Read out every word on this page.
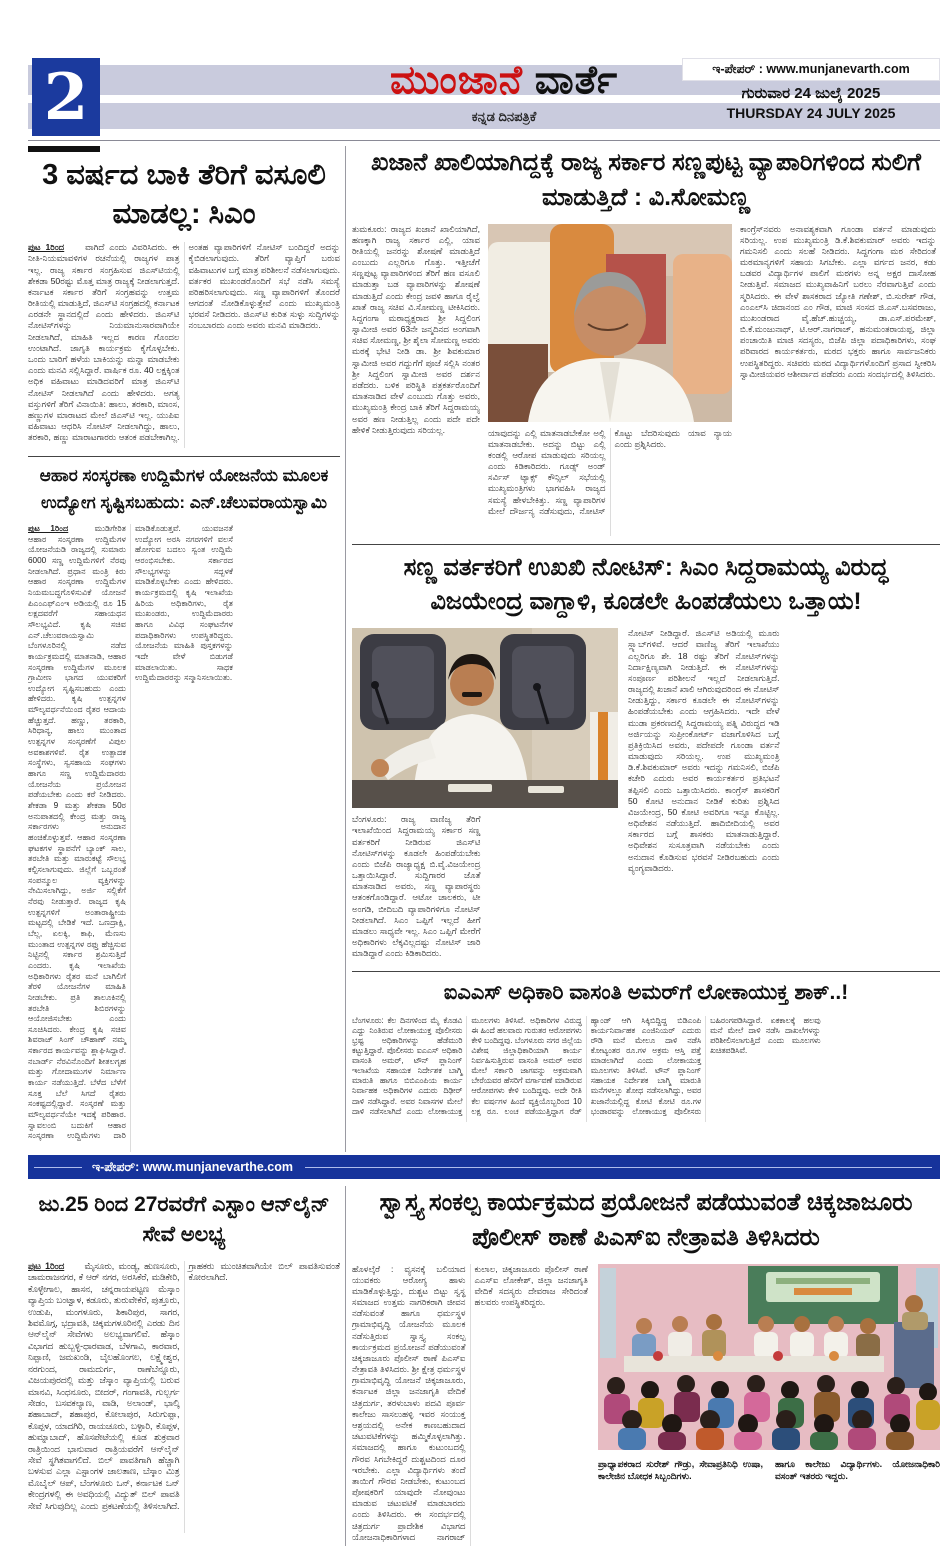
2	ಮುಂಜಾನೆ ವಾರ್ತೆ
ಕನ್ನಡ ದಿನಪತ್ರಿಕೆ
ಇ-ಪೇಪರ್ : www.munjanevarth.com
ಗುರುವಾರ 24 ಜುಲೈ 2025
THURSDAY 24 JULY 2025
3 ವರ್ಷದ ಬಾಕಿ ತೆರಿಗೆ ವಸೂಲಿ ಮಾಡಲ್ಲ: ಸಿಎಂ
ಪುಟ 1ರಿಂದ ವಾಗಿದೆ ಎಂದು ವಿವರಿಸಿದರು. ಈ ನೀತಿ-ನಿಯಮಾವಳಿಗಳ ರಚನೆಯಲ್ಲಿ ರಾಜ್ಯಗಳ ಪಾತ್ರ ಇಲ್ಲ. ರಾಜ್ಯ ಸರ್ಕಾರ ಸಂಗ್ರಹಿಸುವ ಜಿಎಸ್‌ಟಿಯಲ್ಲಿ ಶೇಕಡಾ 50ರಷ್ಟು ಮೊತ್ತ ಮಾತ್ರ ರಾಜ್ಯಕ್ಕೆ ನೀಡಲಾಗುತ್ತದೆ. ಕರ್ನಾಟಕ ಸರ್ಕಾರ ತೆರಿಗೆ ಸಂಗ್ರಹವನ್ನು ಉತ್ತಮ ರೀತಿಯಲ್ಲಿ ಮಾಡುತ್ತಿದೆ, ಜಿಎಸ್‌ಟಿ ಸಂಗ್ರಹದಲ್ಲಿ ಕರ್ನಾಟಕ ಎರಡನೇ ಸ್ಥಾನದಲ್ಲಿದೆ ಎಂದು ಹೇಳಿದರು. ಜಿಎಸ್‌ಟಿ ನೋಟಿಸ್‌ಗಳನ್ನು ನಿಯಮಾನುಸಾರವಾಗಿಯೇ ನೀಡಲಾಗಿದೆ, ಮಾಹಿತಿ ಇಲ್ಲದ ಕಾರಣ ಗೊಂದಲ ಉಂಟಾಗಿದೆ. ಜಾಗೃತಿ ಕಾರ್ಯಕ್ರಮ ಕೈಗೊಳ್ಳಬೇಕು. ಒಂದು ಬಾರಿಗೆ ಹಳೆಯ ಬಾಕಿಯನ್ನು ಮನ್ನಾ ಮಾಡಬೇಕು ಎಂದು ಮನವಿ ಸಲ್ಲಿಸಿದ್ದಾರೆ. ವಾರ್ಷಿಕ ರೂ. 40 ಲಕ್ಷಕ್ಕಿಂತ ಅಧಿಕ ವಹಿವಾಟು ಮಾಡಿದವರಿಗೆ ಮಾತ್ರ ಜಿಎಸ್‌ಟಿ ನೋಟಿಸ್ ನೀಡಲಾಗಿದೆ ಎಂದು ಹೇಳಿದರು. ಅಗತ್ಯ ವಸ್ತುಗಳಿಗೆ ತೆರಿಗೆ ವಿನಾಯಿತಿ: ಹಾಲು, ತರಕಾರಿ, ಮಾಂಸ, ಹಣ್ಣುಗಳ ಮಾರಾಟದ ಮೇಲೆ ಜಿಎಸ್‌ಟಿ ಇಲ್ಲ. ಯುಪಿಐ ವಹಿವಾಟು ಆಧರಿಸಿ ನೋಟಿಸ್ ನೀಡಲಾಗಿದ್ದು, ಹಾಲು, ತರಕಾರಿ, ಹಣ್ಣು ಮಾರಾಟಗಾರರು ಆತಂಕ ಪಡಬೇಕಾಗಿಲ್ಲ. ಅಂತಹ ವ್ಯಾಪಾರಿಗಳಿಗೆ ನೋಟಿಸ್ ಬಂದಿದ್ದರೆ ಅದನ್ನು ಕೈಬಿಡಲಾಗುವುದು. ತೆರಿಗೆ ವ್ಯಾಪ್ತಿಗೆ ಬರುವ ವಹಿವಾಟುಗಳ ಬಗ್ಗೆ ಮಾತ್ರ ಪರಿಶೀಲನೆ ನಡೆಸಲಾಗುವುದು. ವರ್ತಕರ ಮುಖಂಡರೊಂದಿಗೆ ಸಭೆ ನಡೆಸಿ ಸಮಸ್ಯೆ ಪರಿಹರಿಸಲಾಗುವುದು. ಸಣ್ಣ ವ್ಯಾಪಾರಿಗಳಿಗೆ ತೊಂದರೆ ಆಗದಂತೆ ನೋಡಿಕೊಳ್ಳುತ್ತೇವೆ ಎಂದು ಮುಖ್ಯಮಂತ್ರಿ ಭರವಸೆ ನೀಡಿದರು. ಜಿಎಸ್‌ಟಿ ಕುರಿತ ಸುಳ್ಳು ಸುದ್ದಿಗಳನ್ನು ನಂಬಬಾರದು ಎಂದು ಅವರು ಮನವಿ ಮಾಡಿದರು.
ಆಹಾರ ಸಂಸ್ಕರಣಾ ಉದ್ದಿಮೆಗಳ ಯೋಜನೆಯ ಮೂಲಕ ಉದ್ಯೋಗ ಸೃಷ್ಟಿಸಬಹುದು: ಎನ್.ಚೆಲುವರಾಯಸ್ವಾಮಿ
ಪುಟ 1ರಿಂದ	ಮುಡಿಗೇರಿತ ಆಹಾರ ಸಂಸ್ಕರಣಾ ಉದ್ದಿಮೆಗಳ ಯೋಜನೆಯಡಿ ರಾಜ್ಯದಲ್ಲಿ ಸುಮಾರು 6000 ಸಣ್ಣ ಉದ್ದಿಮೆಗಳಿಗೆ ನೆರವು ನೀಡಲಾಗಿದೆ. ಪ್ರಧಾನ ಮಂತ್ರಿ ಕಿರು ಆಹಾರ ಸಂಸ್ಕರಣಾ ಉದ್ದಿಮೆಗಳ ನಿಯಮಬದ್ಧಗೊಳಿಸುವಿಕೆ ಯೋಜನೆ ಪಿಎಂಎಫ್‌ಎಂಇ ಅಡಿಯಲ್ಲಿ ರೂ 15 ಲಕ್ಷದವರೆಗೆ ಸಹಾಯಧನ ಸೌಲಭ್ಯವಿದೆ. ಕೃಷಿ ಸಚಿವ ಎನ್.ಚೆಲುವರಾಯಸ್ವಾಮಿ ಬೆಂಗಳೂರಿನಲ್ಲಿ ನಡೆದ ಕಾರ್ಯಕ್ರಮದಲ್ಲಿ ಮಾತನಾಡಿ, ಆಹಾರ ಸಂಸ್ಕರಣಾ ಉದ್ದಿಮೆಗಳ ಮೂಲಕ ಗ್ರಾಮೀಣ ಭಾಗದ ಯುವಕರಿಗೆ ಉದ್ಯೋಗ ಸೃಷ್ಟಿಸಬಹುದು ಎಂದು ಹೇಳಿದರು. ಕೃಷಿ ಉತ್ಪನ್ನಗಳ ಮೌಲ್ಯವರ್ಧನೆಯಿಂದ ರೈತರ ಆದಾಯ ಹೆಚ್ಚುತ್ತದೆ. ಹಣ್ಣು, ತರಕಾರಿ, ಸಿರಿಧಾನ್ಯ, ಹಾಲು ಮುಂತಾದ ಉತ್ಪನ್ನಗಳ ಸಂಸ್ಕರಣೆಗೆ ವಿಪುಲ ಅವಕಾಶಗಳಿವೆ. ರೈತ ಉತ್ಪಾದಕ ಸಂಸ್ಥೆಗಳು, ಸ್ವಸಹಾಯ ಸಂಘಗಳು ಹಾಗೂ ಸಣ್ಣ ಉದ್ದಿಮೆದಾರರು ಯೋಜನೆಯ ಪ್ರಯೋಜನ ಪಡೆಯಬೇಕು ಎಂದು ಕರೆ ನೀಡಿದರು. ಶೇಕಡಾ 9 ಮತ್ತು ಶೇಕಡಾ 50ರ ಅನುಪಾತದಲ್ಲಿ ಕೇಂದ್ರ ಮತ್ತು ರಾಜ್ಯ ಸರ್ಕಾರಗಳು ಅನುದಾನ ಹಂಚಿಕೊಳ್ಳುತ್ತವೆ. ಆಹಾರ ಸಂಸ್ಕರಣಾ ಘಟಕಗಳ ಸ್ಥಾಪನೆಗೆ ಬ್ಯಾಂಕ್ ಸಾಲ, ತರಬೇತಿ ಮತ್ತು ಮಾರುಕಟ್ಟೆ ಸೌಲಭ್ಯ ಕಲ್ಪಿಸಲಾಗುವುದು. ಜಿಲ್ಲೆಗೆ ಒಬ್ಬರಂತೆ ಸಂಪನ್ಮೂಲ ವ್ಯಕ್ತಿಗಳನ್ನು ನೇಮಿಸಲಾಗಿದ್ದು, ಅರ್ಜಿ ಸಲ್ಲಿಕೆಗೆ ನೆರವು ನೀಡುತ್ತಾರೆ. ರಾಜ್ಯದ ಕೃಷಿ ಉತ್ಪನ್ನಗಳಿಗೆ ಅಂತಾರಾಷ್ಟ್ರೀಯ ಮಟ್ಟದಲ್ಲಿ ಬೇಡಿಕೆ ಇದೆ. ಒಣದ್ರಾಕ್ಷಿ, ಬೆಲ್ಲ, ಏಲಕ್ಕಿ, ಕಾಫಿ, ಮೆಣಸು ಮುಂತಾದ ಉತ್ಪನ್ನಗಳ ರಫ್ತು ಹೆಚ್ಚಿಸುವ ನಿಟ್ಟಿನಲ್ಲಿ ಸರ್ಕಾರ ಶ್ರಮಿಸುತ್ತಿದೆ ಎಂದರು. ಕೃಷಿ ಇಲಾಖೆಯ ಅಧಿಕಾರಿಗಳು ರೈತರ ಮನೆ ಬಾಗಿಲಿಗೆ ತೆರಳಿ ಯೋಜನೆಗಳ ಮಾಹಿತಿ ನೀಡಬೇಕು. ಪ್ರತಿ ತಾಲೂಕಿನಲ್ಲಿ ತರಬೇತಿ ಶಿಬಿರಗಳನ್ನು ಆಯೋಜಿಸಬೇಕು ಎಂದು ಸೂಚಿಸಿದರು. ಕೇಂದ್ರ ಕೃಷಿ ಸಚಿವ ಶಿವರಾಜ್ ಸಿಂಗ್ ಚೌಹಾಣ್ ನಮ್ಮ ಸರ್ಕಾರದ ಕಾರ್ಯವನ್ನು ಶ್ಲಾಘಿಸಿದ್ದಾರೆ. ನಬಾರ್ಡ್ ನೆರವಿನೊಂದಿಗೆ ಶೀತಲಗೃಹ ಮತ್ತು ಗೋದಾಮುಗಳ ನಿರ್ಮಾಣ ಕಾರ್ಯ ನಡೆಯುತ್ತಿದೆ. ಬೆಳೆದ ಬೆಳೆಗೆ ಸೂಕ್ತ ಬೆಲೆ ಸಿಗದೆ ರೈತರು ಸಂಕಷ್ಟದಲ್ಲಿದ್ದಾರೆ. ಸಂಸ್ಕರಣೆ ಮತ್ತು ಮೌಲ್ಯವರ್ಧನೆಯೇ ಇದಕ್ಕೆ ಪರಿಹಾರ. ಸ್ವಾವಲಂಬಿ ಬದುಕಿಗೆ ಆಹಾರ ಸಂಸ್ಕರಣಾ ಉದ್ದಿಮೆಗಳು ದಾರಿ ಮಾಡಿಕೊಡುತ್ತವೆ. ಯುವಜನತೆ ಉದ್ಯೋಗ ಅರಸಿ ನಗರಗಳಿಗೆ ವಲಸೆ ಹೋಗುವ ಬದಲು ಸ್ವಂತ ಉದ್ದಿಮೆ ಆರಂಭಿಸಬೇಕು. ಸರ್ಕಾರದ ಸೌಲಭ್ಯಗಳನ್ನು ಸದ್ಬಳಕೆ ಮಾಡಿಕೊಳ್ಳಬೇಕು ಎಂದು ಹೇಳಿದರು. ಕಾರ್ಯಕ್ರಮದಲ್ಲಿ ಕೃಷಿ ಇಲಾಖೆಯ ಹಿರಿಯ ಅಧಿಕಾರಿಗಳು, ರೈತ ಮುಖಂಡರು, ಉದ್ದಿಮೆದಾರರು ಹಾಗೂ ವಿವಿಧ ಸಂಘಟನೆಗಳ ಪದಾಧಿಕಾರಿಗಳು ಉಪಸ್ಥಿತರಿದ್ದರು. ಯೋಜನೆಯ ಮಾಹಿತಿ ಪುಸ್ತಕಗಳನ್ನು ಇದೇ ವೇಳೆ ಬಿಡುಗಡೆ ಮಾಡಲಾಯಿತು. ಸಾಧಕ ಉದ್ದಿಮೆದಾರರನ್ನು ಸನ್ಮಾನಿಸಲಾಯಿತು.
ಖಜಾನೆ ಖಾಲಿಯಾಗಿದ್ದಕ್ಕೆ ರಾಜ್ಯ ಸರ್ಕಾರ ಸಣ್ಣಪುಟ್ಟ ವ್ಯಾಪಾರಿಗಳಿಂದ ಸುಲಿಗೆ ಮಾಡುತ್ತಿದೆ : ವಿ.ಸೋಮಣ್ಣ
ತುಮಕೂರು: ರಾಜ್ಯದ ಖಜಾನೆ ಖಾಲಿಯಾಗಿದೆ, ಹಣಕ್ಕಾಗಿ ರಾಜ್ಯ ಸರ್ಕಾರ ಎಲ್ಲಿ, ಯಾವ ರೀತಿಯಲ್ಲಿ ಜನರನ್ನು ಶೋಷಣೆ ಮಾಡುತ್ತಿದೆ ಎಂಬುದು ಎಲ್ಲರಿಗೂ ಗೊತ್ತು. ಇತ್ತೀಚೆಗೆ ಸಣ್ಣಪುಟ್ಟ ವ್ಯಾಪಾರಿಗಳಿಂದ ತೆರಿಗೆ ಹಣ ವಸೂಲಿ ಮಾಡುತ್ತಾ ಬಡ ವ್ಯಾಪಾರಿಗಳನ್ನು ಶೋಷಣೆ ಮಾಡುತ್ತಿದೆ ಎಂದು ಕೇಂದ್ರ ಜವಳಿ ಹಾಗೂ ರೈಲ್ವೆ ಖಾತೆ ರಾಜ್ಯ ಸಚಿವ ವಿ.ಸೋಮಣ್ಣ ಟೀಕಿಸಿದರು. ಸಿದ್ದಗಂಗಾ ಮಠಾಧ್ಯಕ್ಷರಾದ ಶ್ರೀ ಸಿದ್ದಲಿಂಗ ಸ್ವಾಮೀಜಿ ಅವರ 63ನೇ ಜನ್ಮದಿನದ ಅಂಗವಾಗಿ ಸಚಿವ ಸೋಮಣ್ಣ, ಶ್ರೀ ಶೈಲಾ ಸೋಮಣ್ಣ ಅವರು ಮಠಕ್ಕೆ ಭೇಟಿ ನೀಡಿ ಡಾ. ಶ್ರೀ ಶಿವಕುಮಾರ ಸ್ವಾಮೀಜಿ ಅವರ ಗದ್ದುಗೆಗೆ ಪೂಜೆ ಸಲ್ಲಿಸಿ ನಂತರ ಶ್ರೀ ಸಿದ್ದಲಿಂಗ ಸ್ವಾಮೀಜಿ ಅವರ ದರ್ಶನ ಪಡೆದರು. ಬಳಿಕ ಪರಿಸ್ಥಿತಿ ಪತ್ರಕರ್ತರೊಂದಿಗೆ ಮಾತನಾಡಿದ ವೇಳೆ ಎಂಬುದು ಗೊತ್ತು ಅವರು, ಮುಖ್ಯಮಂತ್ರಿ ಕೇಂದ್ರ ಬಾಕಿ ತೆರಿಗೆ ಸಿದ್ದರಾಮಯ್ಯ ಅವರ ಹಣ ನೀಡುತ್ತಿಲ್ಲ ಎಂದು ಪದೇ ಪದೇ ಹೇಳಿಕೆ ನೀಡುತ್ತಿರುವುದು ಸರಿಯಲ್ಲ.	ಯಾವುದನ್ನು ಎಲ್ಲಿ ಮಾತನಾಡಬೇಕೋ ಅಲ್ಲಿ ಮಾತನಾಡಬೇಕು. ಅದನ್ನು ಬಿಟ್ಟು ಎಲ್ಲಿ ಕಂಡಲ್ಲಿ ಆರೋಪ ಮಾಡುವುದು ಸರಿಯಲ್ಲ ಎಂದು ಕಿಡಿಕಾರಿದರು. ಗೂಡ್ಸ್ ಅಂಡ್ ಸರ್ವಿಸ್ ಟ್ಯಾಕ್ಸ್ ಕೌನ್ಸಿಲ್ ಸಭೆಯಲ್ಲಿ ಮುಖ್ಯಮಂತ್ರಿಗಳು ಭಾಗವಹಿಸಿ ರಾಜ್ಯದ ಸಮಸ್ಯೆ ಹೇಳಬೇಕಿತ್ತು. ಸಣ್ಣ ವ್ಯಾಪಾರಿಗಳ ಮೇಲೆ ದೌರ್ಜನ್ಯ ನಡೆಸುವುದು, ನೋಟಿಸ್ ಕೊಟ್ಟು ಬೆದರಿಸುವುದು ಯಾವ ನ್ಯಾಯ ಎಂದು ಪ್ರಶ್ನಿಸಿದರು.
ಕಾಂಗ್ರೆಸ್‌ನವರು ಅನಾವಶ್ಯಕವಾಗಿ ಗೂಂಡಾ ವರ್ತನೆ ಮಾಡುವುದು ಸರಿಯಲ್ಲ. ಉಪ ಮುಖ್ಯಮಂತ್ರಿ ಡಿ.ಕೆ.ಶಿವಕುಮಾರ್ ಅವರು ಇದನ್ನು ಗಮನಿಸಲಿ ಎಂದು ಸಲಹೆ ನೀಡಿದರು. ಸಿದ್ದಗಂಗಾ ಮಠ ಸೇರಿದಂತೆ ಮಠಮಾನ್ಯಗಳಿಗೆ ಸಹಾಯ ಸಿಗಬೇಕು. ಎಲ್ಲಾ ವರ್ಗದ ಜನರ, ಕಡು ಬಡವರ ವಿದ್ಯಾರ್ಥಿಗಳ ಪಾಲಿಗೆ ಮಠಗಳು ಅನ್ನ ಅಕ್ಷರ ದಾಸೋಹ ನೀಡುತ್ತಿವೆ. ಸಮಾಜದ ಮುಖ್ಯವಾಹಿನಿಗೆ ಬರಲು ನೆರವಾಗುತ್ತಿವೆ ಎಂದು ಸ್ಮರಿಸಿದರು. ಈ ವೇಳೆ ಶಾಸಕರಾದ ಜ್ಯೋತಿ ಗಣೇಶ್, ಬಿ.ಸುರೇಶ್ ಗೌಡ, ಎಂಎಲ್‌ಸಿ ಚಿದಾನಂದ ಎಂ ಗೌಡ, ಮಾಜಿ ಸಂಸದ ಜಿ.ಎಸ್.ಬಸವರಾಜು, ಮುಖಂಡರಾದ ವೈ.ಹೆಚ್.ಹುಚ್ಚಯ್ಯ, ಡಾ.ಎಸ್.ಪರಮೇಶ್, ಬಿ.ಕೆ.ಮಂಜುನಾಥ್, ಟಿ.ಆರ್.ನಾಗರಾಜ್, ಹನುಮಂತರಾಯಪ್ಪ, ಜಿಲ್ಲಾ ಪಂಚಾಯಿತಿ ಮಾಜಿ ಸದಸ್ಯರು, ಬಿಜೆಪಿ ಜಿಲ್ಲಾ ಪದಾಧಿಕಾರಿಗಳು, ಸಂಘ ಪರಿವಾರದ ಕಾರ್ಯಕರ್ತರು, ಮಠದ ಭಕ್ತರು ಹಾಗೂ ಸಾರ್ವಜನಿಕರು ಉಪಸ್ಥಿತರಿದ್ದರು. ಸಚಿವರು ಮಠದ ವಿದ್ಯಾರ್ಥಿಗಳೊಂದಿಗೆ ಪ್ರಸಾದ ಸ್ವೀಕರಿಸಿ ಸ್ವಾಮೀಜಿಯವರ ಆಶೀರ್ವಾದ ಪಡೆದರು ಎಂದು ಸಂದರ್ಭದಲ್ಲಿ ತಿಳಿಸಿದರು.
ಸಣ್ಣ ವರ್ತಕರಿಗೆ ಉಖಖಿ ನೋಟಿಸ್: ಸಿಎಂ ಸಿದ್ದರಾಮಯ್ಯ ವಿರುದ್ಧ ವಿಜಯೇಂದ್ರ ವಾಗ್ದಾಳಿ, ಕೂಡಲೇ ಹಿಂಪಡೆಯಲು ಒತ್ತಾಯ!
ಬೆಂಗಳೂರು: ರಾಜ್ಯ ವಾಣಿಜ್ಯ ತೆರಿಗೆ ಇಲಾಖೆಯಿಂದ ಸಿದ್ದರಾಮಯ್ಯ ಸರ್ಕಾರ ಸಣ್ಣ ವರ್ತಕರಿಗೆ ನೀಡಿರುವ ಜಿಎಸ್‌ಟಿ ನೋಟಿಸ್‌ಗಳನ್ನು ಕೂಡಲೇ ಹಿಂಪಡೆಯಬೇಕು ಎಂದು ಬಿಜೆಪಿ ರಾಜ್ಯಾಧ್ಯಕ್ಷ ಬಿ.ವೈ.ವಿಜಯೇಂದ್ರ ಒತ್ತಾಯಿಸಿದ್ದಾರೆ. ಸುದ್ದಿಗಾರರ ಜೊತೆ ಮಾತನಾಡಿದ ಅವರು, ಸಣ್ಣ ವ್ಯಾಪಾರಸ್ಥರು ಆತಂಕಗೊಂಡಿದ್ದಾರೆ. ಆಟೋ ಚಾಲಕರು, ಟೀ ಅಂಗಡಿ, ಬೀದಿಬದಿ ವ್ಯಾಪಾರಿಗಳಿಗೂ ನೋಟಿಸ್ ನೀಡಲಾಗಿದೆ. ಸಿಎಂ ಒಪ್ಪಿಗೆ ಇಲ್ಲದೆ ಹೀಗೆ ಮಾಡಲು ಸಾಧ್ಯವೇ ಇಲ್ಲ. ಸಿಎಂ ಒಪ್ಪಿಗೆ ಮೇರೆಗೆ ಅಧಿಕಾರಿಗಳು ಲೆಕ್ಕವಿಲ್ಲದಷ್ಟು ನೋಟಿಸ್ ಜಾರಿ ಮಾಡಿದ್ದಾರೆ ಎಂದು ಕಿಡಿಕಾರಿದರು.
ನೋಟಿಸ್ ನೀಡಿದ್ದಾರೆ. ಜಿಎಸ್‌ಟಿ ಅಡಿಯಲ್ಲಿ ಮೂರು ಸ್ಲ್ಯಾಬ್‌ಗಳಿವೆ. ಆದರೆ ವಾಣಿಜ್ಯ ತೆರಿಗೆ ಇಲಾಖೆಯು ಎಲ್ಲರಿಗೂ ಶೇ. 18 ರಷ್ಟು ತೆರಿಗೆ ನೋಟಿಸ್‌ಗಳನ್ನು ನಿರ್ದಾಕ್ಷಿಣ್ಯವಾಗಿ ನೀಡುತ್ತಿದೆ. ಈ ನೋಟಿಸ್‌ಗಳನ್ನು ಸಂಪೂರ್ಣ ಪರಿಶೀಲನೆ ಇಲ್ಲದೆ ನೀಡಲಾಗುತ್ತಿದೆ. ರಾಜ್ಯದಲ್ಲಿ ಖಜಾನೆ ಖಾಲಿ ಆಗಿರುವುದರಿಂದ ಈ ನೋಟಿಸ್ ನೀಡುತ್ತಿದ್ದು, ಸರ್ಕಾರ ಕೂಡಲೇ ಈ ನೋಟಿಸ್‌ಗಳನ್ನು ಹಿಂಪಡೆಯಬೇಕು ಎಂದು ಆಗ್ರಹಿಸಿದರು. ಇದೇ ವೇಳೆ ಮುಡಾ ಪ್ರಕರಣದಲ್ಲಿ ಸಿದ್ದರಾಮಯ್ಯ ಪತ್ನಿ ವಿರುದ್ಧದ ಇಡಿ ಅರ್ಜಿಯನ್ನು ಸುಪ್ರೀಂಕೋರ್ಟ್ ವಜಾಗೊಳಿಸಿದ ಬಗ್ಗೆ ಪ್ರತಿಕ್ರಿಯಿಸಿದ ಅವರು, ಪದೇಪದೇ ಗೂಂಡಾ ವರ್ತನೆ ಮಾಡುವುದು ಸರಿಯಲ್ಲ. ಉಪ ಮುಖ್ಯಮಂತ್ರಿ ಡಿ.ಕೆ.ಶಿವಕುಮಾರ್ ಅವರು ಇದನ್ನು ಗಮನಿಸಲಿ, ಬಿಜೆಪಿ ಕಚೇರಿ ಎದುರು ಅವರ ಕಾರ್ಯಕರ್ತರ ಪ್ರತಿಭಟನೆ ತಪ್ಪಿಸಲಿ ಎಂದು ಒತ್ತಾಯಿಸಿದರು. ಕಾಂಗ್ರೆಸ್ ಶಾಸಕರಿಗೆ 50 ಕೋಟಿ ಅನುದಾನ ನೀಡಿಕೆ ಕುರಿತು ಪ್ರಶ್ನಿಸಿದ ವಿಜಯೇಂದ್ರ, 50 ಕೋಟಿ ಅವರಿಗೂ ಇನ್ನೂ ಕೊಟ್ಟಿಲ್ಲ. ಅಧಿವೇಶನ ನಡೆಯುತ್ತಿದೆ. ಹಾದಿಬೀದಿಯಲ್ಲಿ ಅವರ ಸರ್ಕಾರದ ಬಗ್ಗೆ ಶಾಸಕರು ಮಾತನಾಡುತ್ತಿದ್ದಾರೆ. ಅಧಿವೇಶನ ಸುಸೂತ್ರವಾಗಿ ನಡೆಯಬೇಕು ಎಂದು ಅನುದಾನ ಕೊಡಿಸುವ ಭರವಸೆ ನೀಡಿರಬಹುದು ಎಂದು ವ್ಯಂಗ್ಯವಾಡಿದರು.
ಐಎಎಸ್ ಅಧಿಕಾರಿ ವಾಸಂತಿ ಅಮರ್‌ಗೆ ಲೋಕಾಯುಕ್ತ ಶಾಕ್..!
ಬೆಂಗಳೂರು: ಕೆಲ ದಿನಗಳಿಂದ ಮೈ ಕೊಡವಿ ಎದ್ದು ನಿಂತಿರುವ ಲೋಕಾಯುಕ್ತ ಪೊಲೀಸರು ಭ್ರಷ್ಟ ಅಧಿಕಾರಿಗಳನ್ನು ಹೆಡೆಮುರಿ ಕಟ್ಟುತ್ತಿದ್ದಾರೆ. ಪೊಲೀಸರು ಐಎಎಸ್ ಅಧಿಕಾರಿ ವಾಸಂತಿ ಅಮರ್, ಟೌನ್ ಪ್ಲಾನಿಂಗ್ ಇಲಾಖೆಯ ಸಹಾಯಕ ನಿರ್ದೇಶಕ ಬಾಗ್ಮಿ ಮಾರುತಿ ಹಾಗೂ ಬಿಬಿಎಂಪಿಯ ಕಾರ್ಯ ನಿರ್ವಾಹಕ ಅಧಿಕಾರಿಗಳ ಎದುರು ದಿಢೀರ್ ದಾಳಿ ನಡೆಸಿದ್ದಾರೆ. ಅವರ ನಿವಾಸಗಳ ಮೇಲೆ ದಾಳಿ ನಡೆಸಲಾಗಿದೆ ಎಂದು ಲೋಕಾಯುಕ್ತ ಮೂಲಗಳು ತಿಳಿಸಿವೆ. ಅಧಿಕಾರಿಗಳ ವಿರುದ್ಧ ಈ ಹಿಂದೆ ಹಲವಾರು ಗುರುತರ ಆರೋಪಗಳು ಕೇಳಿ ಬಂದಿದ್ದವು. ಬೆಂಗಳೂರು ನಗರ ಜಿಲ್ಲೆಯ ವಿಶೇಷ ಜಿಲ್ಲಾಧಿಕಾರಿಯಾಗಿ ಕಾರ್ಯ ನಿರ್ವಹಿಸುತ್ತಿರುವ ವಾಸಂತಿ ಅಮರ್ ಅವರ ಮೇಲೆ ಸರ್ಕಾರಿ ಜಾಗವನ್ನು ಅಕ್ರಮವಾಗಿ ಬೇರೆಯವರ ಹೆಸರಿಗೆ ವರ್ಗಾವಣೆ ಮಾಡಿರುವ ಆರೋಪಗಳು ಕೇಳಿ ಬಂದಿದ್ದವು. ಅದೇ ರೀತಿ ಕೆಲ ವರ್ಷಗಳ ಹಿಂದೆ ವ್ಯಕ್ತಿಯೊಬ್ಬರಿಂದ 10 ಲಕ್ಷ ರೂ. ಲಂಚ ಪಡೆಯುತ್ತಿದ್ದಾಗ ರೆಡ್ ಹ್ಯಾಂಡ್ ಆಗಿ ಸಿಕ್ಕಿಬಿದ್ದಿದ್ದ ಬಿಡಿಎಂಪಿ ಕಾರ್ಯನಿರ್ವಾಹಕ ಎಂಜಿನಿಯರ್ ಎದುರು ರೌಡಿ ಮನೆ ಮೇಲೂ ದಾಳಿ ನಡೆಸಿ ಕೋಟ್ಯಂತರ ರೂ.ಗಳ ಅಕ್ರಮ ಆಸ್ತಿ ಪತ್ತೆ ಮಾಡಲಾಗಿದೆ ಎಂದು ಲೋಕಾಯುಕ್ತ ಮೂಲಗಳು ತಿಳಿಸಿವೆ. ಟೌನ್ ಪ್ಲಾನಿಂಗ್ ಸಹಾಯಕ ನಿರ್ದೇಶಕ ಬಾಗ್ಮಿ ಮಾರುತಿ ಮನೆಗಳಲ್ಲೂ ಶೋಧ ನಡೆಸಲಾಗಿದ್ದು, ಅವರ ಖಜಾನೆಯಲ್ಲಿದ್ದ ಕೋಟಿ ಕೋಟಿ ರೂ.ಗಳ ಭಂಡಾರವನ್ನು ಲೋಕಾಯುಕ್ತ ಪೊಲೀಸರು ಬಹಿರಂಗಪಡಿಸಿದ್ದಾರೆ. ಏಕಕಾಲಕ್ಕೆ ಹಲವು ಮನೆ ಮೇಲೆ ದಾಳಿ ನಡೆಸಿ ದಾಖಲೆಗಳನ್ನು ಪರಿಶೀಲಿಸಲಾಗುತ್ತಿದೆ ಎಂದು ಮೂಲಗಳು ಖಚಿತಪಡಿಸಿವೆ.
ಇ-ಪೇಪರ್: www.munjanevarthe.com
ಜು.25 ರಿಂದ 27ರವರೆಗೆ ಎಸ್ಟಾಂ ಆನ್‌ಲೈನ್ ಸೇವೆ ಅಲಭ್ಯ
ಪುಟ 1ರಿಂದ ಮೈಸೂರು, ಮಂಡ್ಯ, ಹುಣಸೂರು, ಚಾಮರಾಜನಗರ, ಕೆ ಆರ್ ನಗರ, ಅರಸಿಕೆರೆ, ಮಡಿಕೇರಿ, ಕೊಳ್ಳೇಗಾಲ, ಹಾಸನ, ಚನ್ನರಾಯಪಟ್ಟಣ ಮೆಸ್ಕಾಂ ವ್ಯಾಪ್ತಿಯ ಬಂಟ್ವಾಳ, ಕಡೂರು, ತುರುವೇಕೆರೆ, ಪುತ್ತೂರು, ಉಡುಪಿ, ಮಂಗಳೂರು, ಶಿಕಾರಿಪುರ, ಸಾಗರ, ಶಿವಮೊಗ್ಗ, ಭದ್ರಾವತಿ, ಚಿಕ್ಕಮಗಳೂರಿನಲ್ಲಿ ಎರಡು ದಿನ ಆನ್‌ಲೈನ್ ಸೇವೆಗಳು ಅಲಭ್ಯವಾಗಲಿವೆ. ಹೆಸ್ಕಾಂ ವಿಭಾಗದ ಹುಬ್ಬಳ್ಳಿ-ಧಾರವಾಡ, ಬೆಳಗಾವಿ, ಕಾರವಾರ, ನಿಪ್ಪಾಣಿ, ಜಮಖಂಡಿ, ಬೈಲಹೊಂಗಲ, ಲಕ್ಷ್ಮೇಶ್ವರ, ನರಗುಂದ, ರಾಮದುರ್ಗ, ರಾಣೆಬೆನ್ನೂರು, ವಿಜಯಪುರದಲ್ಲಿ ಮತ್ತು ಜೆಸ್ಕಾಂ ವ್ಯಾಪ್ತಿಯಲ್ಲಿ ಬರುವ ಮಾನವಿ, ಸಿಂಧನೂರು, ಬೀದರ್, ಗಂಗಾವತಿ, ಗುಲ್ಬರ್ಗ ಸೇಡಂ, ಬಸವಕಲ್ಯಾಣ, ವಾಡಿ, ಅಲಾಂಡ್, ಭಾಲ್ಕಿ ಶಹಾಬಾದ್, ಶಹಾಪುರ, ಕೋಲಾಪುರ, ಸಿರುಗುಪ್ಪಾ, ಕೊಪ್ಪಳ, ಯಾದಗಿರಿ, ರಾಯಚೂರು, ಬಳ್ಳಾರಿ, ಕೊಪ್ಪಳ, ಹುಮ್ನಾಬಾದ್, ಹೊಸಪೇಟೆಯಲ್ಲಿ ಕೂಡ ಶುಕ್ರವಾರ ರಾತ್ರಿಯಿಂದ ಭಾನುವಾರ ರಾತ್ರಿಯವರೆಗೆ ಆನ್‌ಲೈನ್ ಸೇವೆ ಸ್ಥಗಿತವಾಗಲಿದೆ. ಬಿಲ್ ಪಾವತಿಗಾಗಿ ಹೆಚ್ಚಾಗಿ ಬಳಸುವ ಎಲ್ಲಾ ಎಸ್ಟಾಂಗಳ ಜಾಲತಾಣ, ಬೆಸ್ಕಾಂ ಮಿತ್ರ ಮೊಬೈಲ್ ಆಪ್, ಬೆಂಗಳೂರು ಒನ್, ಕರ್ನಾಟಕ ಒನ್ ಕೇಂದ್ರಗಳಲ್ಲಿ ಈ ಅವಧಿಯಲ್ಲಿ ವಿದ್ಯುತ್ ಬಿಲ್ ಪಾವತಿ ಸೇವೆ ಸಿಗುವುದಿಲ್ಲ ಎಂದು ಪ್ರಕಟಣೆಯಲ್ಲಿ ತಿಳಿಸಲಾಗಿದೆ. ಗ್ರಾಹಕರು ಮುಂಚಿತವಾಗಿಯೇ ಬಿಲ್ ಪಾವತಿಸುವಂತೆ ಕೋರಲಾಗಿದೆ.
ಸ್ವಾಸ್ತ್ಯ ಸಂಕಲ್ಪ ಕಾರ್ಯಕ್ರಮದ ಪ್ರಯೋಜನೆ ಪಡೆಯುವಂತೆ ಚಿಕ್ಕಜಾಜೂರು ಪೊಲೀಸ್ ಠಾಣೆ ಪಿಎಸ್ಐ ನೇತ್ರಾವತಿ ತಿಳಿಸಿದರು
ಹೊಳಲ್ಕೆರೆ : ವ್ಯಸನಕ್ಕೆ ಬಲಿಯಾದ ಯುವಕರು ಆರೋಗ್ಯ ಹಾಳು ಮಾಡಿಕೊಳ್ಳುತ್ತಿದ್ದು, ದುಶ್ಚಟ ಬಿಟ್ಟು ಸ್ವಸ್ಥ ಸಮಾಜದ ಉತ್ತಮ ನಾಗರಿಕರಾಗಿ ಜೀವನ ನಡೆಸುವಂತೆ ಹಾಗೂ ಧರ್ಮಸ್ಥಳ ಗ್ರಾಮಾಭಿವೃದ್ಧಿ ಯೋಜನೆಯ ಮೂಲಕ ನಡೆಸುತ್ತಿರುವ ಸ್ವಾಸ್ತ್ಯ ಸಂಕಲ್ಪ ಕಾರ್ಯಕ್ರಮದ ಪ್ರಯೋಜನೆ ಪಡೆಯುವಂತೆ ಚಿಕ್ಕಜಾಜೂರು ಪೊಲೀಸ್ ಠಾಣೆ ಪಿಎಸ್ಐ ನೇತ್ರಾವತಿ ತಿಳಿಸಿದರು. ಶ್ರೀ ಕ್ಷೇತ್ರ ಧರ್ಮಸ್ಥಳ ಗ್ರಾಮಾಭಿವೃದ್ಧಿ ಯೋಜನೆ ಚಿಕ್ಕಜಾಜೂರು, ಕರ್ನಾಟಕ ಜಿಲ್ಲಾ ಜನಜಾಗೃತಿ ವೇದಿಕೆ ಚಿತ್ರದುರ್ಗ, ತರಳುಬಾಳು ಪದವಿ ಪೂರ್ವ ಕಾಲೇಜು ಸಾಸಲುಹಳ್ಳಿ ಇವರ ಸಂಯುಕ್ತ ಆಶ್ರಯದಲ್ಲಿ ಅನೇಕ ಕಾಣಬಹುದಾದ ಚಟುವಟಿಕೆಗಳನ್ನು ಹಮ್ಮಿಕೊಳ್ಳಲಾಗಿತ್ತು. ಸಮಾಜದಲ್ಲಿ ಹಾಗೂ ಕುಟುಂಬದಲ್ಲಿ ಗೌರವ ಸಿಗಬೇಕಿದ್ದರೆ ದುಶ್ಚಟದಿಂದ ದೂರ ಇರಬೇಕು. ಎಲ್ಲಾ ವಿದ್ಯಾರ್ಥಿಗಳು ತಂದೆ ತಾಯಿಗೆ ಗೌರವ ನೀಡಬೇಕು, ಕುಟುಂಬದ ಪೋಷಕರಿಗೆ ಯಾವುದೇ ನೋವುಂಟು ಮಾಡುವ ಚಟುವಟಿಕೆ ಮಾಡಬಾರದು ಎಂದು ತಿಳಿಸಿದರು. ಈ ಸಂದರ್ಭದಲ್ಲಿ ಚಿತ್ರದುರ್ಗ ಪ್ರಾದೇಶಿಕ ವಿಭಾಗದ ಯೋಜನಾಧಿಕಾರಿಗಳಾದ ನಾಗರಾಜ್ ಕುಲಾಲ, ಚಿಕ್ಕಜಾಜೂರು ಪೊಲೀಸ್ ಠಾಣೆ ಎಎಸ್ಐ ಲೋಕೇಶ್, ಜಿಲ್ಲಾ ಜನಜಾಗೃತಿ ವೇದಿಕೆ ಸದಸ್ಯರು ದೇವರಾಜ ಸೇರಿದಂತೆ ಹಲವರು ಉಪಸ್ಥಿತರಿದ್ದರು.
ಪ್ರಾಧ್ಯಾಪಕರಾದ ಸುರೇಶ್ ಗೌಡ್ರು, ಸೇವಾಪ್ರತಿನಿಧಿ ಉಷಾ, ಕಾಲೇಜಿನ ಬೋಧಕ ಸಿಬ್ಬಂದಿಗಳು.
ಹಾಗೂ ಕಾಲೇಜು ವಿದ್ಯಾರ್ಥಿಗಳು. ಯೋಜನಾಧಿಕಾರಿ ವಸಂತ್ ಇತರರು ಇದ್ದರು.
